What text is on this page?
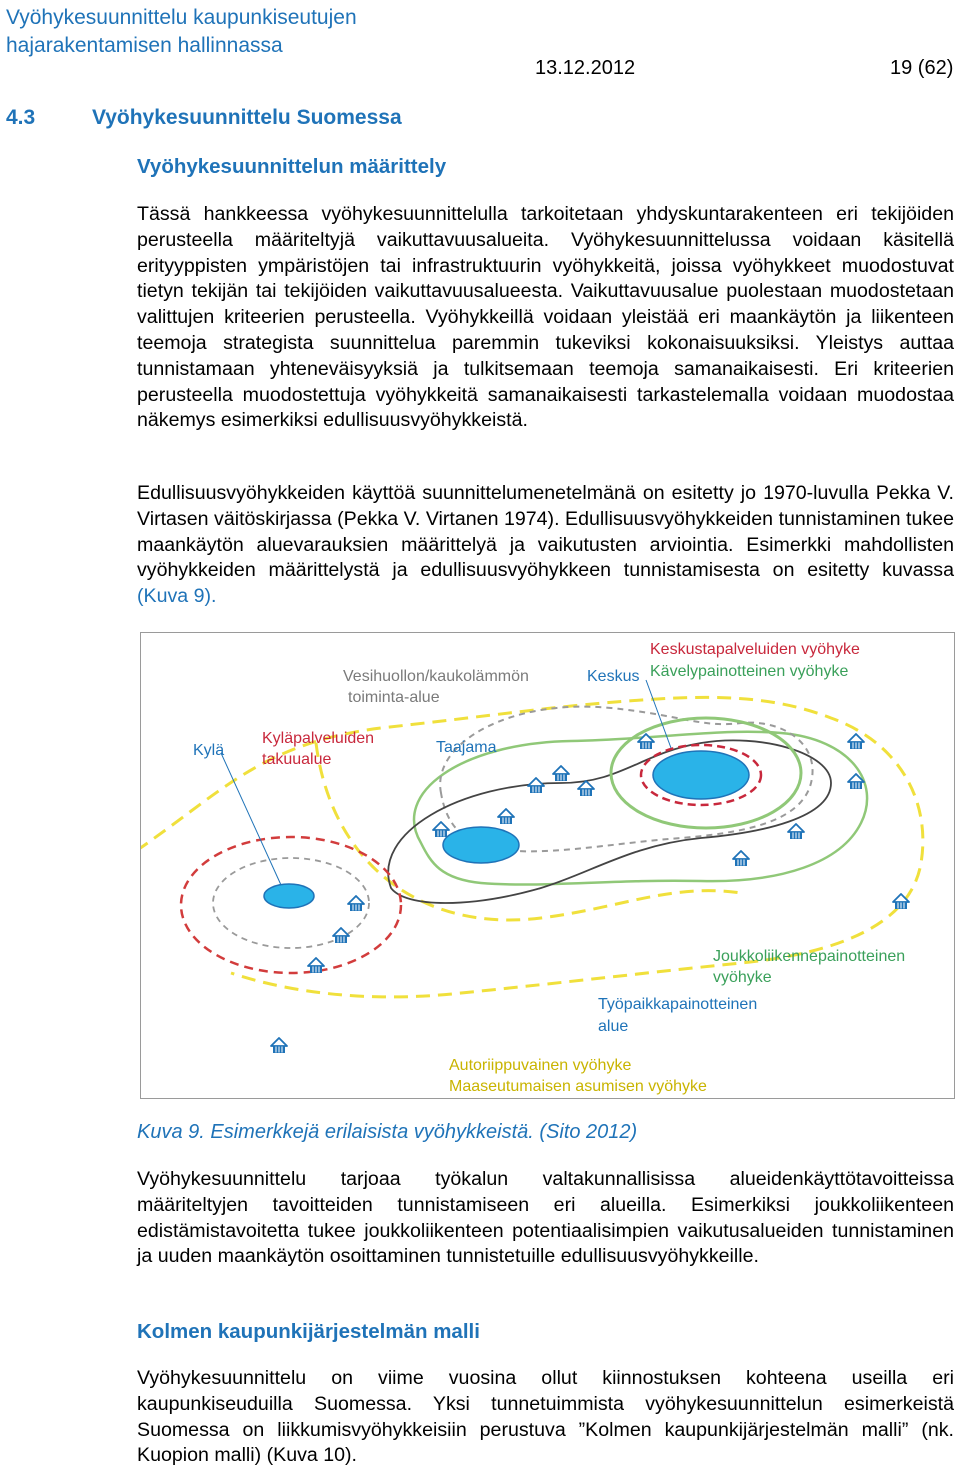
Vyöhykesuunnittelu kaupunkiseutujen
hajarakentamisen hallinnassa
13.12.2012	19 (62)
4.3	Vyöhykesuunnittelu Suomessa
Vyöhykesuunnittelun määrittely

Tässä hankkeessa vyöhykesuunnittelulla tarkoitetaan yhdyskuntarakenteen eri tekijöiden perusteella määriteltyjä vaikuttavuusalueita. Vyöhykesuunnittelussa voidaan käsitellä erityyppisten ympäristöjen tai infrastruktuurin vyöhykkeitä, joissa vyöhykkeet muodostuvat tietyn tekijän tai tekijöiden vaikuttavuusalueesta. Vaikuttavuusalue puolestaan muodostetaan valittujen kriteerien perusteella. Vyöhykkeillä voidaan yleistää eri maankäytön ja liikenteen teemoja strategista suunnittelua paremmin tukeviksi kokonaisuuksiksi. Yleistys auttaa tunnistamaan yhteneväisyyksiä ja tulkitsemaan teemoja samanaikaisesti. Eri kriteerien perusteella muodostettuja vyöhykkeitä samanaikaisesti tarkastelemalla voidaan muodostaa näkemys esimerkiksi edullisuusvyöhykkeistä.

Edullisuusvyöhykkeiden käyttöä suunnittelumenetelmänä on esitetty jo 1970-luvulla Pekka V. Virtasen väitöskirjassa (Pekka V. Virtanen 1974). Edullisuusvyöhykkeiden tunnistaminen tukee maankäytön aluevarauksien määrittelyä ja vaikutusten arviointia. Esimerkki mahdollisten vyöhykkeiden määrittelystä ja edullisuusvyöhykkeen tunnistamisesta on esitetty kuvassa (Kuva 9).

Vesihuollon/kaukolämmön
toiminta-alue
Keskus
Keskustapalveluiden vyöhyke
Kävelypainotteinen vyöhyke
Kylä
Kyläpalveluiden
takuualue
Taajama
Joukkoliikennepainotteinen
vyöhyke
Työpaikkapainotteinen
alue
Autoriippuvainen vyöhyke
Maaseutumaisen asumisen vyöhyke

Kuva 9. Esimerkkejä erilaisista vyöhykkeistä. (Sito 2012)

Vyöhykesuunnittelu tarjoaa työkalun valtakunnallisissa alueidenkäyttötavoitteissa määriteltyjen tavoitteiden tunnistamiseen eri alueilla. Esimerkiksi joukkoliikenteen edistämistavoitetta tukee joukkoliikenteen potentiaalisimpien vaikutusalueiden tunnistaminen ja uuden maankäytön osoittaminen tunnistetuille edullisuusvyöhykkeille.

Kolmen kaupunkijärjestelmän malli

Vyöhykesuunnittelu on viime vuosina ollut kiinnostuksen kohteena useilla eri kaupunkiseuduilla Suomessa. Yksi tunnetuimmista vyöhykesuunnittelun esimerkeistä Suomessa on liikkumisvyöhykkeisiin perustuva ”Kolmen kaupunkijärjestelmän malli” (nk. Kuopion malli) (Kuva 10).
